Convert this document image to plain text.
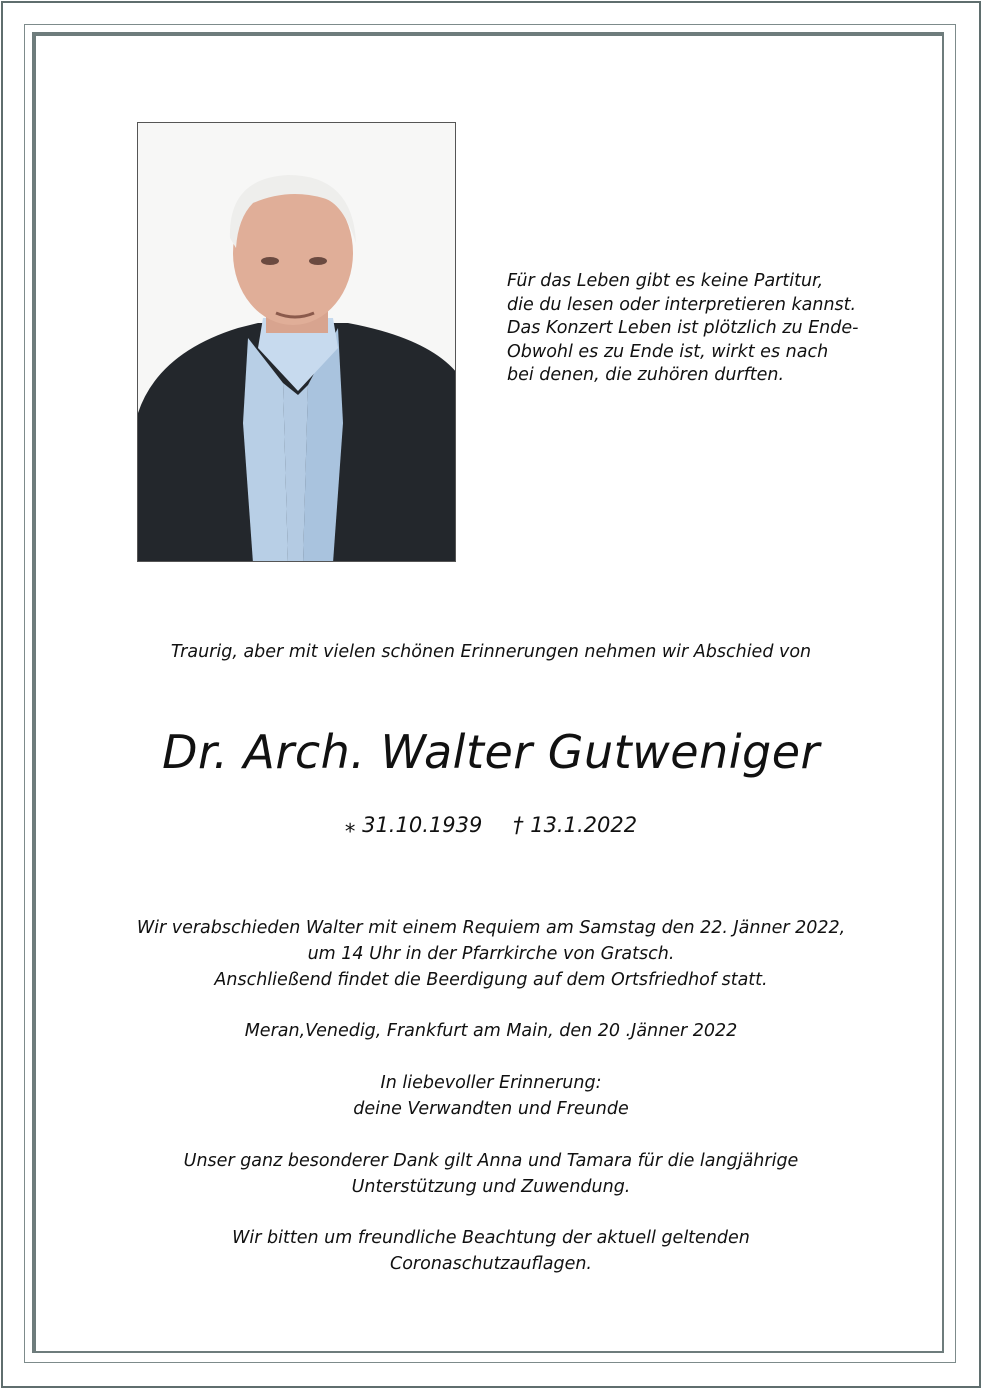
Für das Leben gibt es keine Partitur,
die du lesen oder interpretieren kannst.
Das Konzert Leben ist plötzlich zu Ende-
Obwohl es zu Ende ist, wirkt es nach
bei denen, die zuhören durften.
Traurig, aber mit vielen schönen Erinnerungen nehmen wir Abschied von
Dr. Arch. Walter Gutweniger
⁎ 31.10.1939 † 13.1.2022
Wir verabschieden Walter mit einem Requiem am Samstag den 22. Jänner 2022,
um 14 Uhr in der Pfarrkirche von Gratsch.
Anschließend findet die Beerdigung auf dem Ortsfriedhof statt.
Meran,Venedig, Frankfurt am Main, den 20 .Jänner 2022
In liebevoller Erinnerung:
deine Verwandten und Freunde
Unser ganz besonderer Dank gilt Anna und Tamara für die langjährige
Unterstützung und Zuwendung.
Wir bitten um freundliche Beachtung der aktuell geltenden
Coronaschutzauflagen.
